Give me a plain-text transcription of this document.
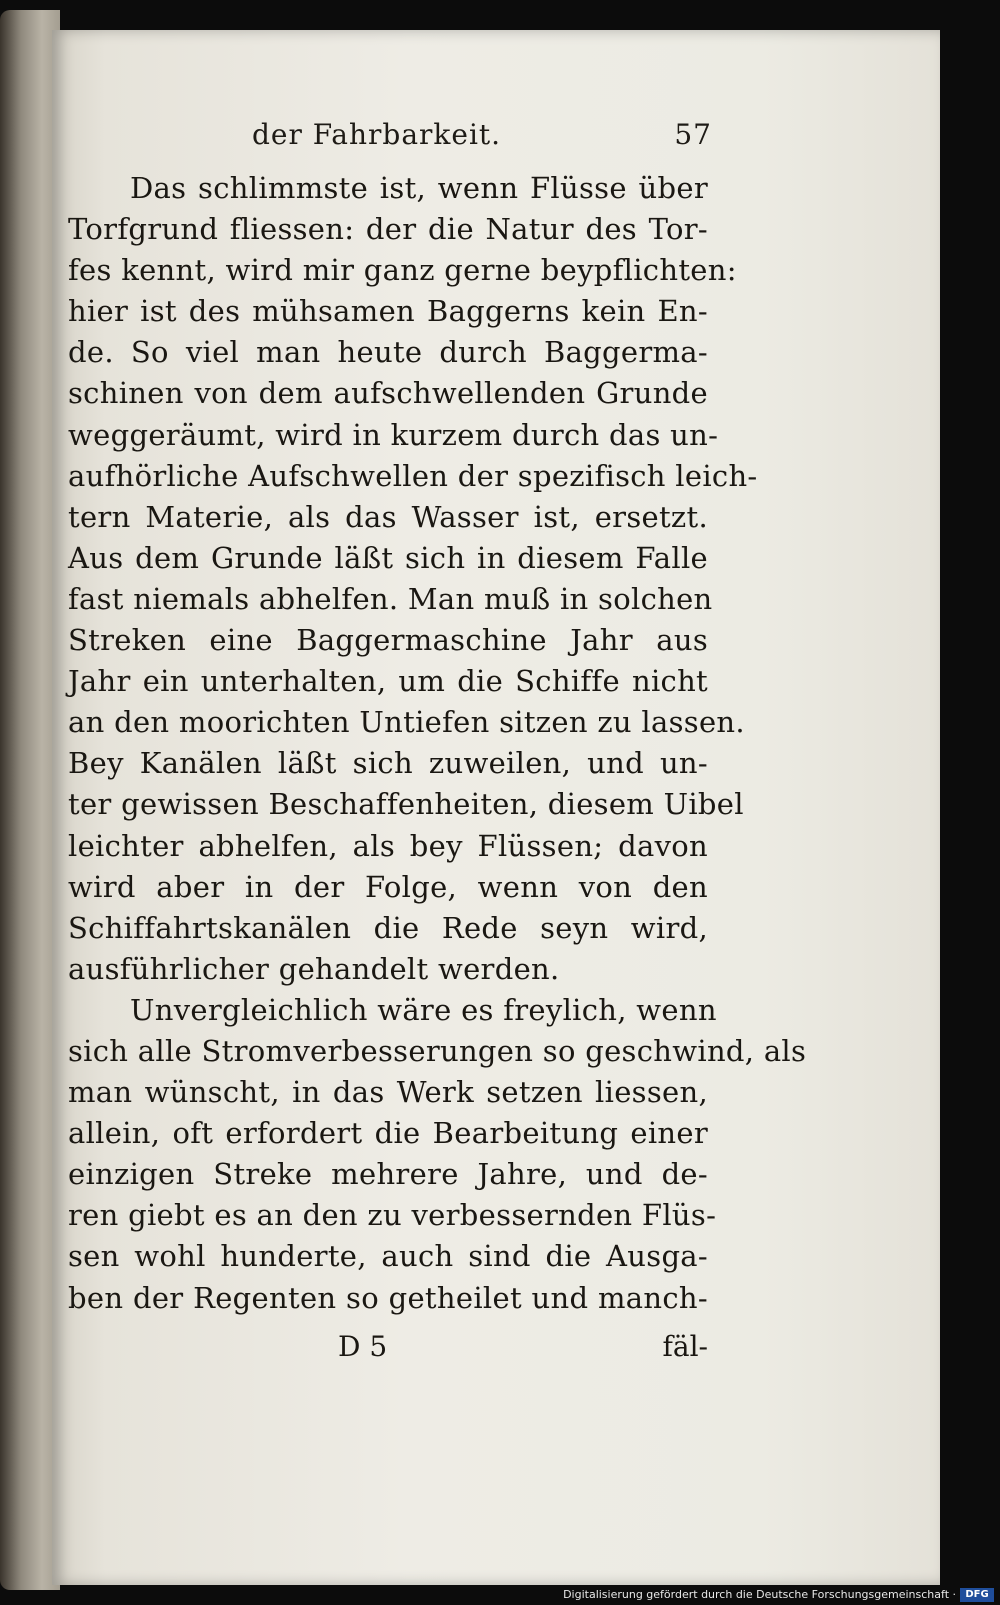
der Fahrbarkeit.	57
Das schlimmste ist, wenn Flüsse über
Torfgrund fliessen: der die Natur des Tor-
fes kennt, wird mir ganz gerne beypflichten:
hier ist des mühsamen Baggerns kein En-
de. So viel man heute durch Baggerma-
schinen von dem aufschwellenden Grunde
weggeräumt, wird in kurzem durch das un-
aufhörliche Aufschwellen der spezifisch leich-
tern Materie, als das Wasser ist, ersetzt.
Aus dem Grunde läßt sich in diesem Falle
fast niemals abhelfen. Man muß in solchen
Streken eine Baggermaschine Jahr aus
Jahr ein unterhalten, um die Schiffe nicht
an den moorichten Untiefen sitzen zu lassen.
Bey Kanälen läßt sich zuweilen, und un-
ter gewissen Beschaffenheiten, diesem Uibel
leichter abhelfen, als bey Flüssen; davon
wird aber in der Folge, wenn von den
Schiffahrtskanälen die Rede seyn wird,
ausführlicher gehandelt werden.
Unvergleichlich wäre es freylich, wenn
sich alle Stromverbesserungen so geschwind, als
man wünscht, in das Werk setzen liessen,
allein, oft erfordert die Bearbeitung einer
einzigen Streke mehrere Jahre, und de-
ren giebt es an den zu verbessernden Flüs-
sen wohl hunderte, auch sind die Ausga-
ben der Regenten so getheilet und manch-
D 5	fäl-
Digitalisierung gefördert durch die Deutsche Forschungsgemeinschaft · DFG
